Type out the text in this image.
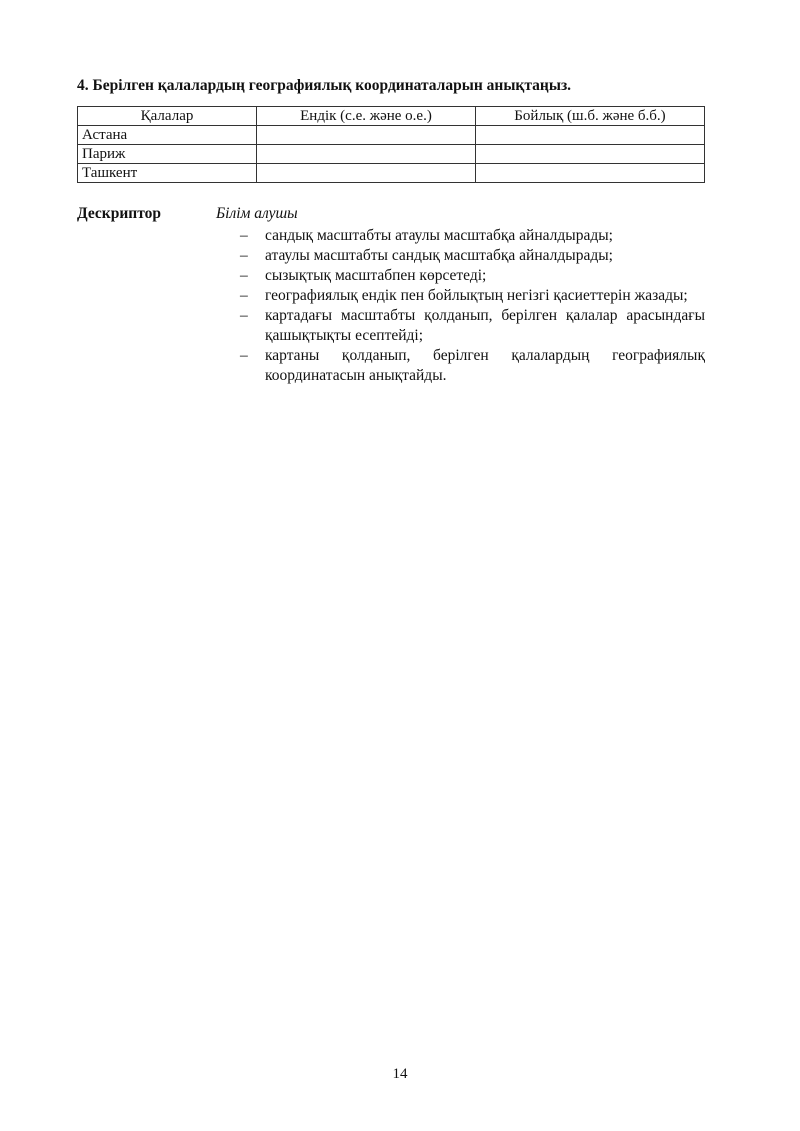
4. Берілген қалалардың географиялық координаталарын анықтаңыз.
Қалалар	Ендік (с.е. және о.е.)	Бойлық (ш.б. және б.б.)
Астана		
Париж		
Ташкент		
Дескриптор	Білім алушы
– сандық масштабты атаулы масштабқа айналдырады;
– атаулы масштабты сандық масштабқа айналдырады;
– сызықтық масштабпен көрсетеді;
– географиялық ендік пен бойлықтың негізгі қасиеттерін жазады;
– картадағы масштабты қолданып, берілген қалалар арасындағы қашықтықты есептейді;
– картаны қолданып, берілген қалалардың географиялық координатасын анықтайды.
14
